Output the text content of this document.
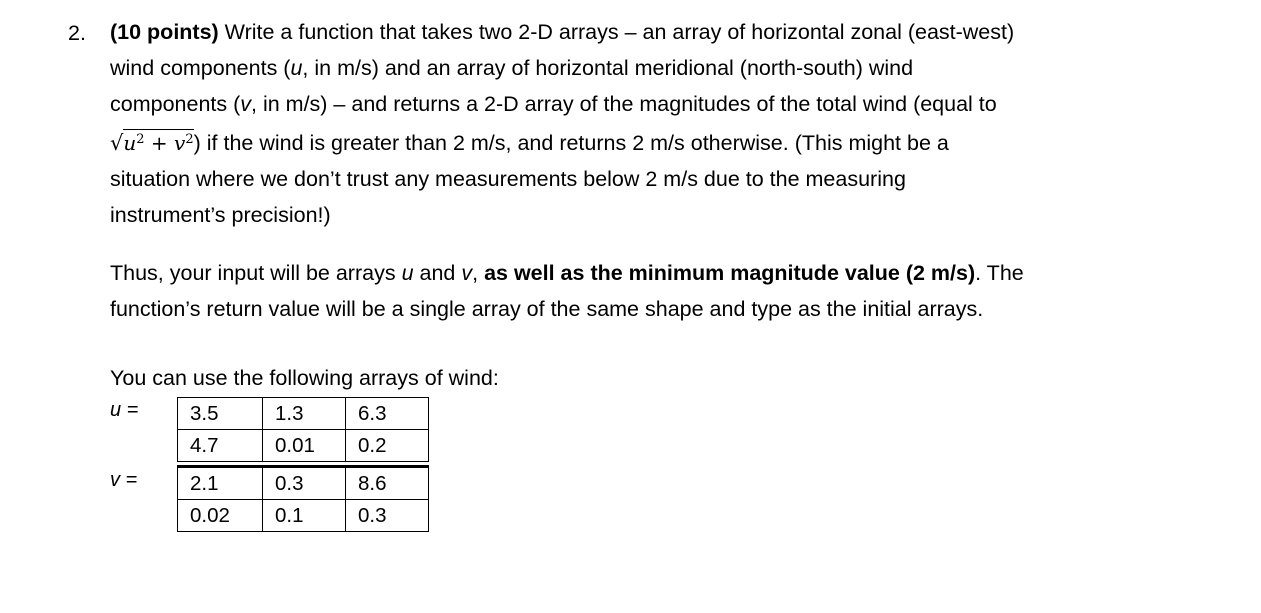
2. (10 points) Write a function that takes two 2-D arrays – an array of horizontal zonal (east-west)
wind components (u, in m/s) and an array of horizontal meridional (north-south) wind
components (v, in m/s) – and returns a 2-D array of the magnitudes of the total wind (equal to
$√u^2 + v^2$) if the wind is greater than 2 m/s, and returns 2 m/s otherwise. (This might be a
situation where we don’t trust any measurements below 2 m/s due to the measuring
instrument’s precision!)
Thus, your input will be arrays u and v, as well as the minimum magnitude value (2 m/s). The
function’s return value will be a single array of the same shape and type as the initial arrays.
You can use the following arrays of wind:
u =
v =
3.5	1.3	6.3
4.7	0.01	0.2
2.1	0.3	8.6
0.02	0.1	0.3
